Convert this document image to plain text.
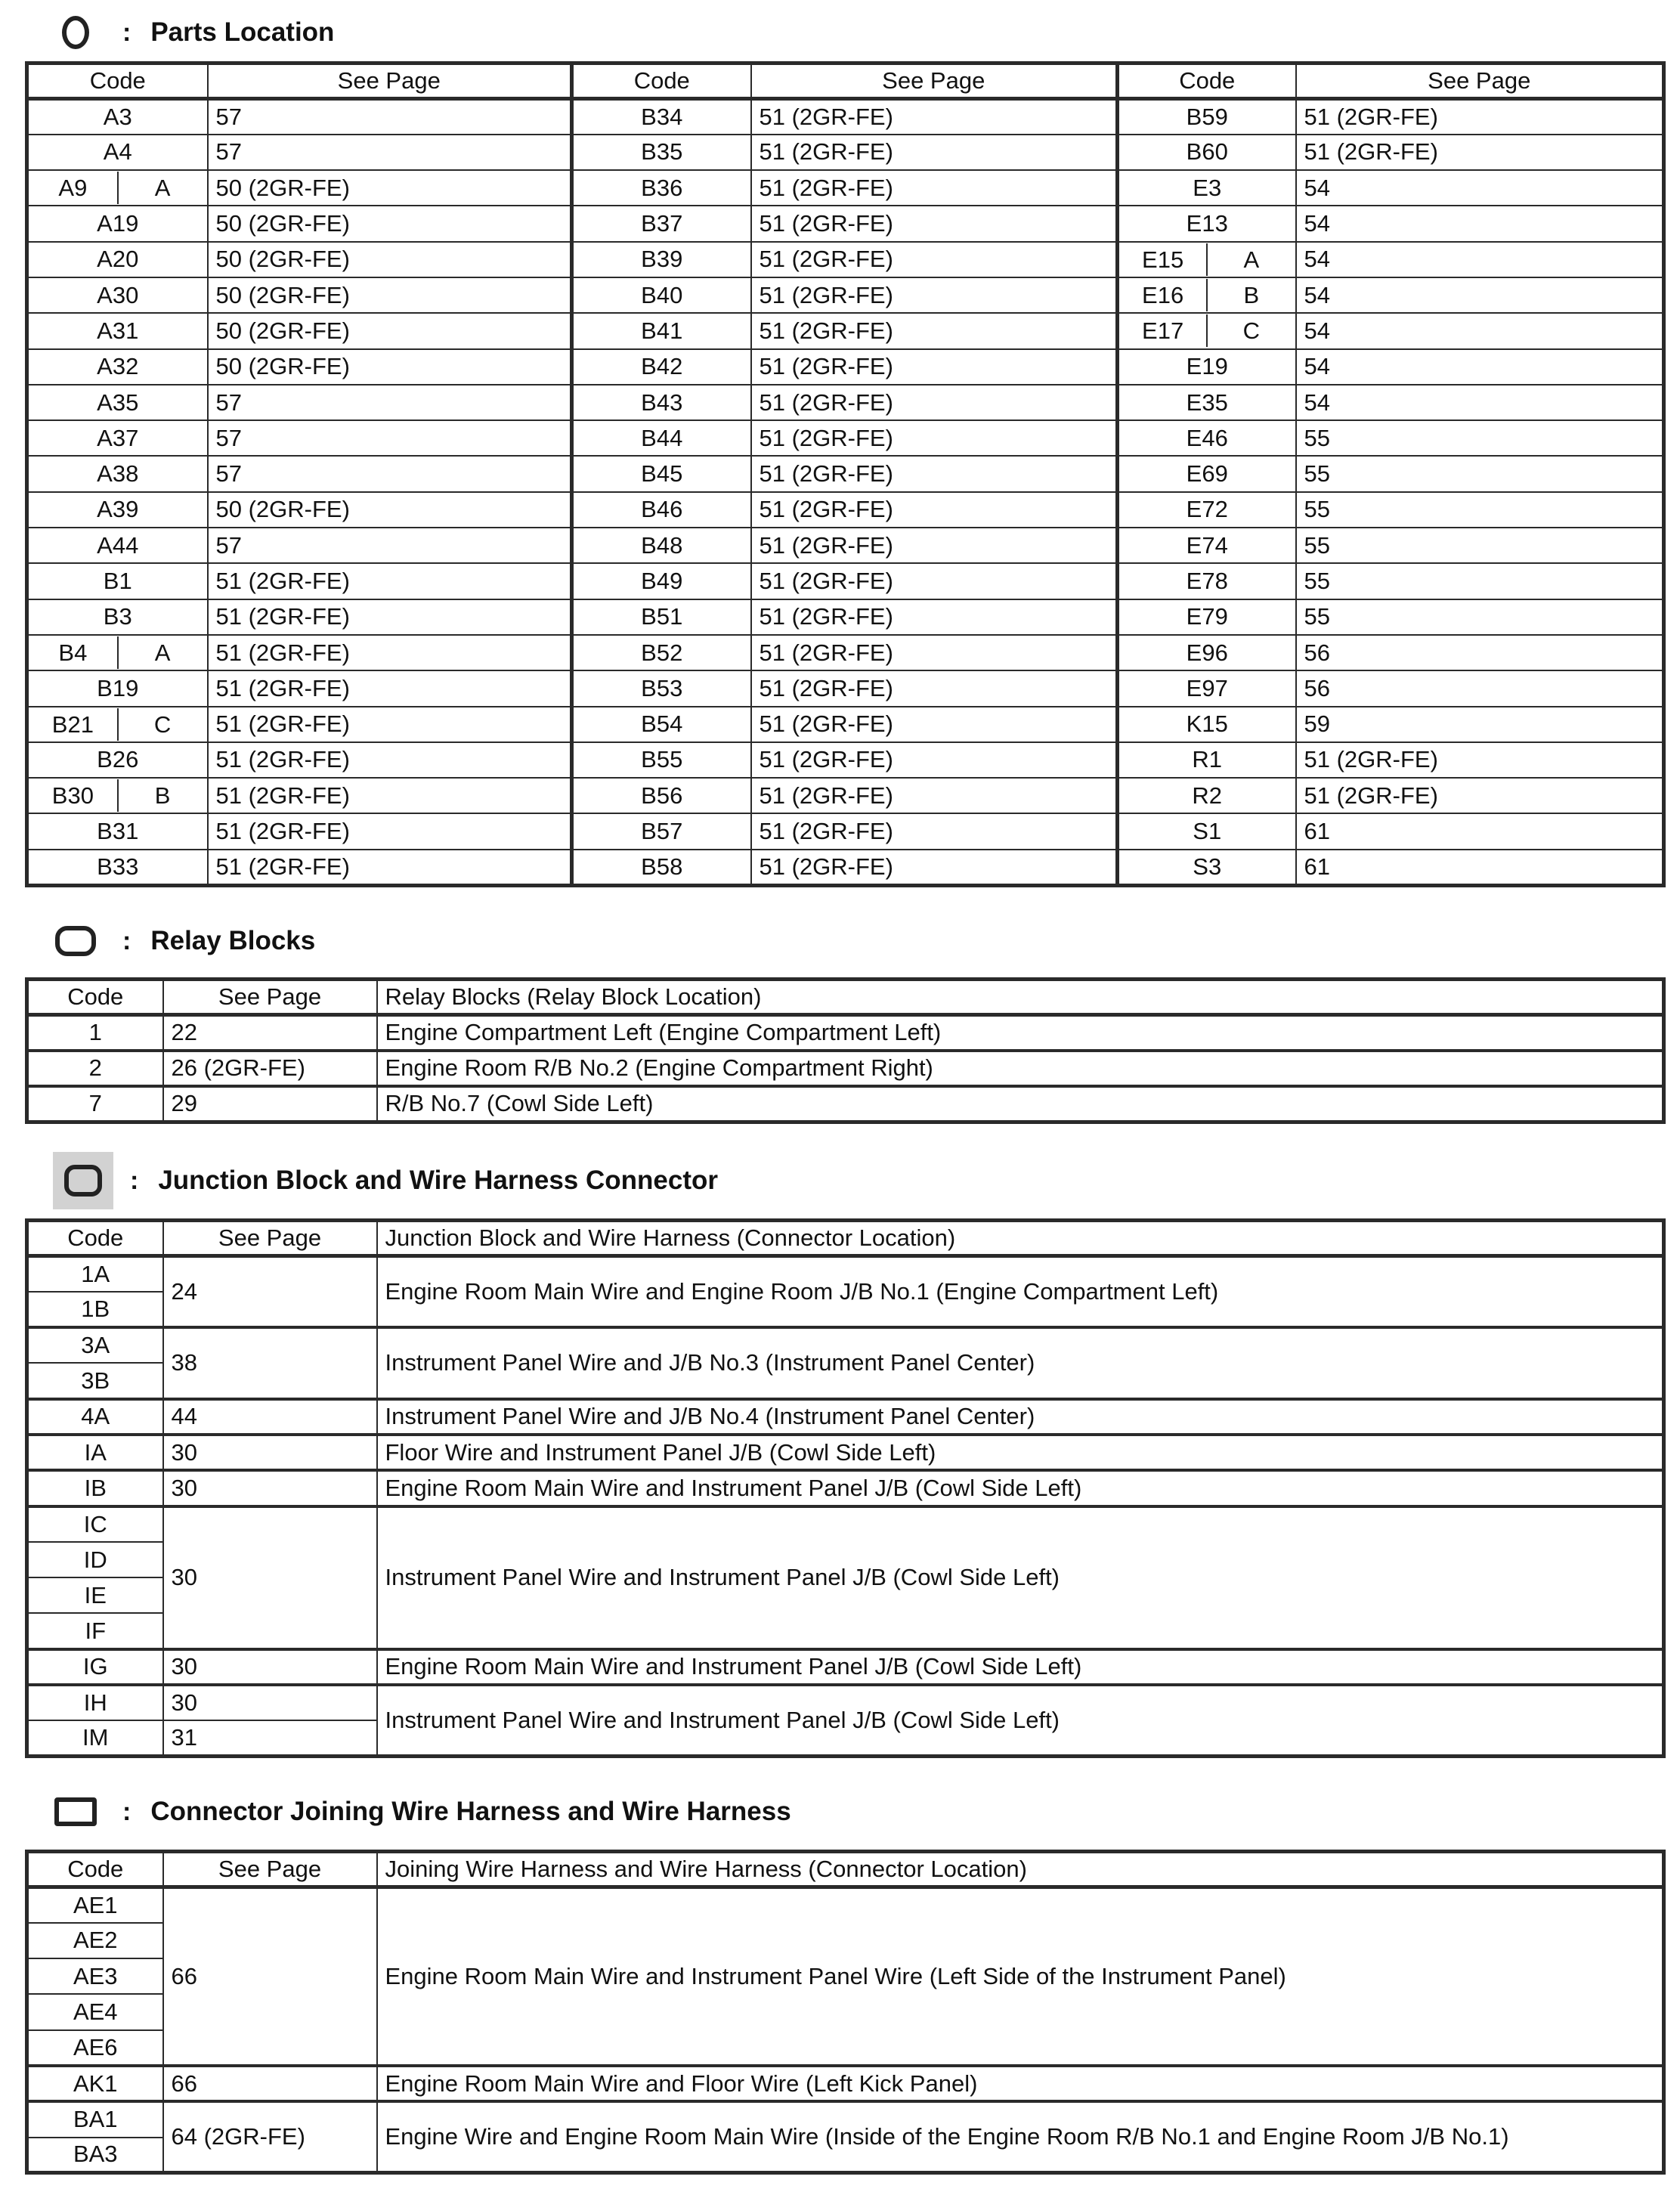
: Parts Location
Code	See Page	Code	See Page	Code	See Page
A3	57	B34	51 (2GR-FE)	B59	51 (2GR-FE)
A4	57	B35	51 (2GR-FE)	B60	51 (2GR-FE)

A9 A	50 (2GR-FE)	B36	51 (2GR-FE)	E3	54
A19	50 (2GR-FE)	B37	51 (2GR-FE)	E13	54
A20	50 (2GR-FE)	B39	51 (2GR-FE)	E15 A	54
A30	50 (2GR-FE)	B40	51 (2GR-FE)	E16 B	54
A31	50 (2GR-FE)	B41	51 (2GR-FE)	E17 C	54
A32	50 (2GR-FE)	B42	51 (2GR-FE)	E19	54
A35	57	B43	51 (2GR-FE)	E35	54
A37	57	B44	51 (2GR-FE)	E46	55
A38	57	B45	51 (2GR-FE)	E69	55
A39	50 (2GR-FE)	B46	51 (2GR-FE)	E72	55
A44	57	B48	51 (2GR-FE)	E74	55
B1	51 (2GR-FE)	B49	51 (2GR-FE)	E78	55
B3	51 (2GR-FE)	B51	51 (2GR-FE)	E79	55

B4 A	51 (2GR-FE)	B52	51 (2GR-FE)	E96	56
B19	51 (2GR-FE)	B53	51 (2GR-FE)	E97	56

B21 C	51 (2GR-FE)	B54	51 (2GR-FE)	K15	59
B26	51 (2GR-FE)	B55	51 (2GR-FE)	R1	51 (2GR-FE)

B30 B	51 (2GR-FE)	B56	51 (2GR-FE)	R2	51 (2GR-FE)
B31	51 (2GR-FE)	B57	51 (2GR-FE)	S1	61
B33	51 (2GR-FE)	B58	51 (2GR-FE)	S3	61
: Relay Blocks
Code	See Page	Relay Blocks (Relay Block Location)
1	22	Engine Compartment Left (Engine Compartment Left)
2	26 (2GR-FE)	Engine Room R/B No.2 (Engine Compartment Right)
7	29	R/B No.7 (Cowl Side Left)
: Junction Block and Wire Harness Connector
Code	See Page	Junction Block and Wire Harness (Connector Location)
1A	24	Engine Room Main Wire and Engine Room J/B No.1 (Engine Compartment Left)
1B		
3A	38	Instrument Panel Wire and J/B No.3 (Instrument Panel Center)
3B		
4A	44	Instrument Panel Wire and J/B No.4 (Instrument Panel Center)
IA	30	Floor Wire and Instrument Panel J/B (Cowl Side Left)
IB	30	Engine Room Main Wire and Instrument Panel J/B (Cowl Side Left)
IC	30	Instrument Panel Wire and Instrument Panel J/B (Cowl Side Left)
ID		
IE		
IF		
IG	30	Engine Room Main Wire and Instrument Panel J/B (Cowl Side Left)
IH	30	Instrument Panel Wire and Instrument Panel J/B (Cowl Side Left)
IM	31	
: Connector Joining Wire Harness and Wire Harness
Code	See Page	Joining Wire Harness and Wire Harness (Connector Location)
AE1	66	Engine Room Main Wire and Instrument Panel Wire (Left Side of the Instrument Panel)
AE2		
AE3		
AE4		
AE6		
AK1	66	Engine Room Main Wire and Floor Wire (Left Kick Panel)
BA1	64 (2GR-FE)	Engine Wire and Engine Room Main Wire (Inside of the Engine Room R/B No.1 and Engine Room J/B No.1)
BA3		
